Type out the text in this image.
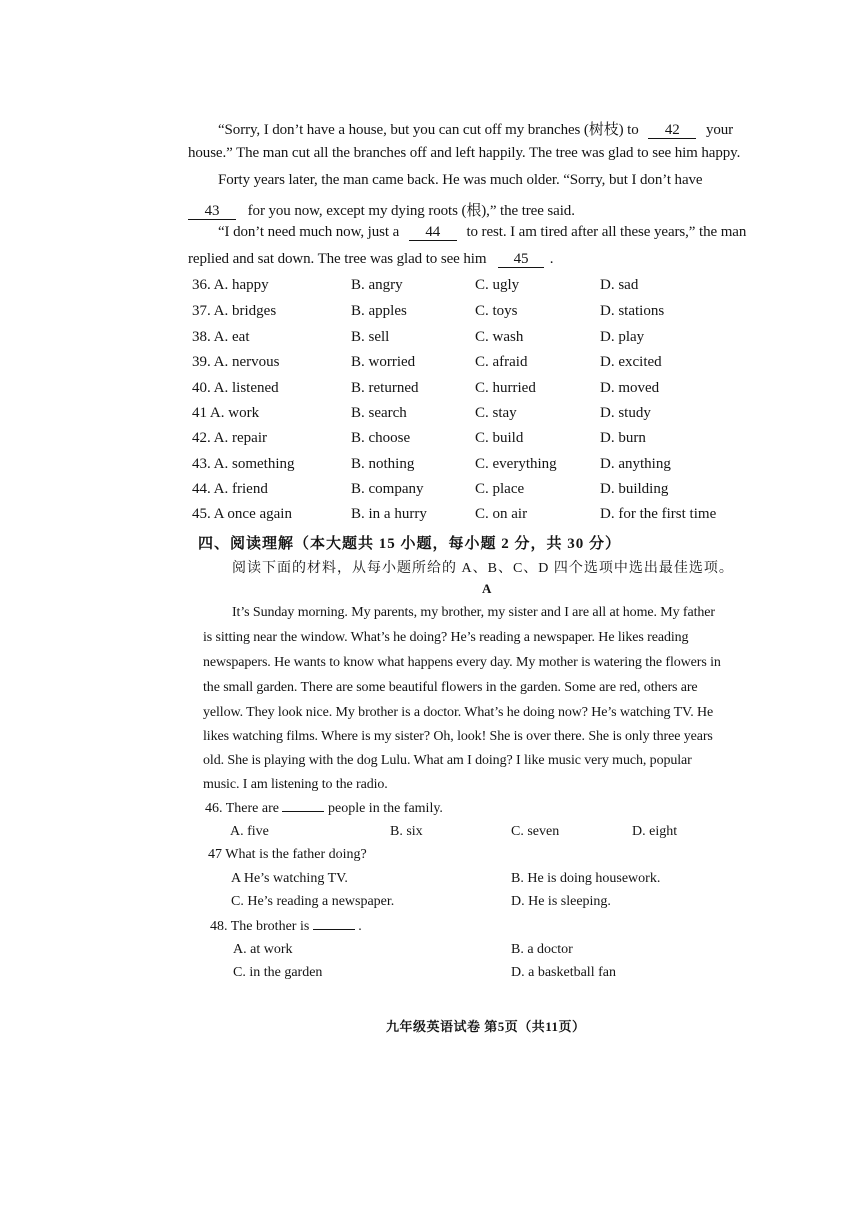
“Sorry, I don’t have a house, but you can cut off my branches (树枝) to 42 your
house.” The man cut all the branches off and left happily. The tree was glad to see him happy.
Forty years later, the man came back. He was much older. “Sorry, but I don’t have
43 for you now, except my dying roots (根),” the tree said.
“I don’t need much now, just a 44 to rest. I am tired after all these years,” the man
replied and sat down. The tree was glad to see him 45 .
36. A. happy	B. angry	C. ugly	D. sad
37. A. bridges	B. apples	C. toys	D. stations
38. A. eat	B. sell	C. wash	D. play
39. A. nervous	B. worried	C. afraid	D. excited
40. A. listened	B. returned	C. hurried	D. moved
41 A. work	B. search	C. stay	D. study
42. A. repair	B. choose	C. build	D. burn
43. A. something	B. nothing	C. everything	D. anything
44. A. friend	B. company	C. place	D. building
45. A once again	B. in a hurry	C. on air	D. for the first time
四、阅读理解（本大题共 15 小题，每小题 2 分，共 30 分）
阅读下面的材料，从每小题所给的 A、B、C、D 四个选项中选出最佳选项。
A
It’s Sunday morning. My parents, my brother, my sister and I are all at home. My father
is sitting near the window. What’s he doing? He’s reading a newspaper. He likes reading
newspapers. He wants to know what happens every day. My mother is watering the flowers in
the small garden. There are some beautiful flowers in the garden. Some are red, others are
yellow. They look nice. My brother is a doctor. What’s he doing now? He’s watching TV. He
likes watching films. Where is my sister? Oh, look! She is over there. She is only three years
old. She is playing with the dog Lulu. What am I doing? I like music very much, popular
music. I am listening to the radio.
46. There are	people in the family.
A. five	B. six	C. seven	D. eight
47 What is the father doing?
A He’s watching TV.	B. He is doing housework.
C. He’s reading a newspaper.	D. He is sleeping.
48. The brother is	.
A. at work	B. a doctor
C. in the garden	D. a basketball fan
九年级英语试卷 第5页（共11页）
